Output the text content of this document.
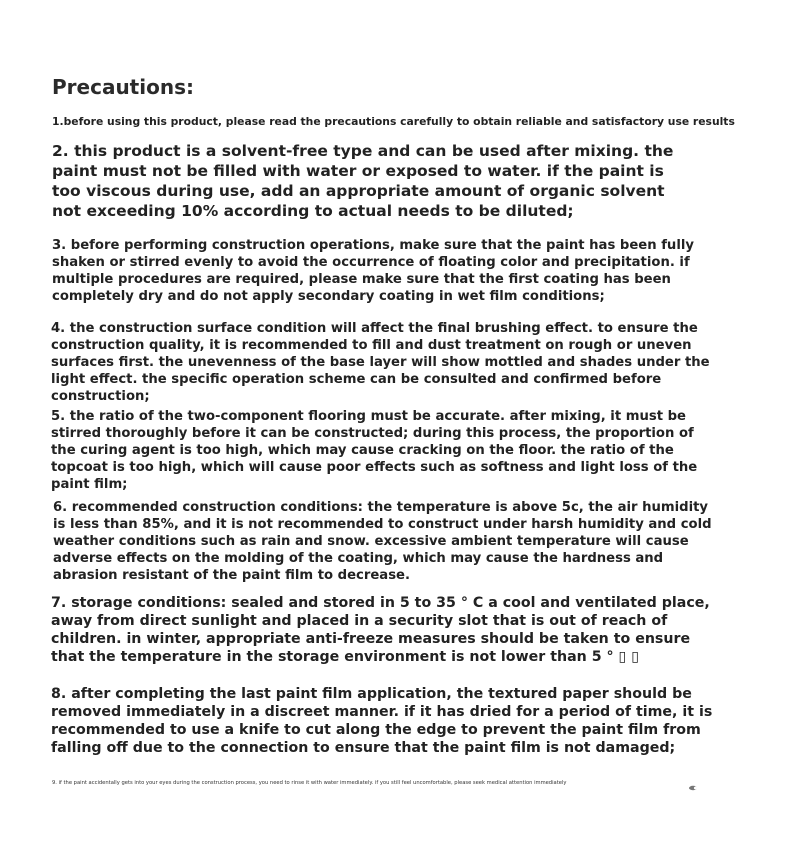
Precautions:
1.before using this product, please read the precautions carefully to obtain reliable and satisfactory use results
2. this product is a solvent-free type and can be used after mixing. the
paint must not be filled with water or exposed to water. if the paint is
too viscous during use, add an appropriate amount of organic solvent
not exceeding 10% according to actual needs to be diluted;
3. before performing construction operations, make sure that the paint has been fully
shaken or stirred evenly to avoid the occurrence of floating color and precipitation. if
multiple procedures are required, please make sure that the first coating has been
completely dry and do not apply secondary coating in wet film conditions;
4. the construction surface condition will affect the final brushing effect. to ensure the
construction quality, it is recommended to fill and dust treatment on rough or uneven
surfaces first. the unevenness of the base layer will show mottled and shades under the
light effect. the specific operation scheme can be consulted and confirmed before
construction;
5. the ratio of the two-component flooring must be accurate. after mixing, it must be
stirred thoroughly before it can be constructed; during this process, the proportion of
the curing agent is too high, which may cause cracking on the floor. the ratio of the
topcoat is too high, which will cause poor effects such as softness and light loss of the
paint film;
6. recommended construction conditions: the temperature is above 5c, the air humidity
is less than 85%, and it is not recommended to construct under harsh humidity and cold
weather conditions such as rain and snow. excessive ambient temperature will cause
adverse effects on the molding of the coating, which may cause the hardness and
abrasion resistant of the paint film to decrease.
7. storage conditions: sealed and stored in 5 to 35 ° C a cool and ventilated place,
away from direct sunlight and placed in a security slot that is out of reach of
children. in winter, appropriate anti-freeze measures should be taken to ensure
that the temperature in the storage environment is not lower than 5 ° ▯ ▯
8. after completing the last paint film application, the textured paper should be
removed immediately in a discreet manner. if it has dried for a period of time, it is
recommended to use a knife to cut along the edge to prevent the paint film from
falling off due to the connection to ensure that the paint film is not damaged;
9. if the paint accidentally gets into your eyes during the construction process, you need to rinse it with water immediately. if you still feel uncomfortable, please seek medical attention immediately
